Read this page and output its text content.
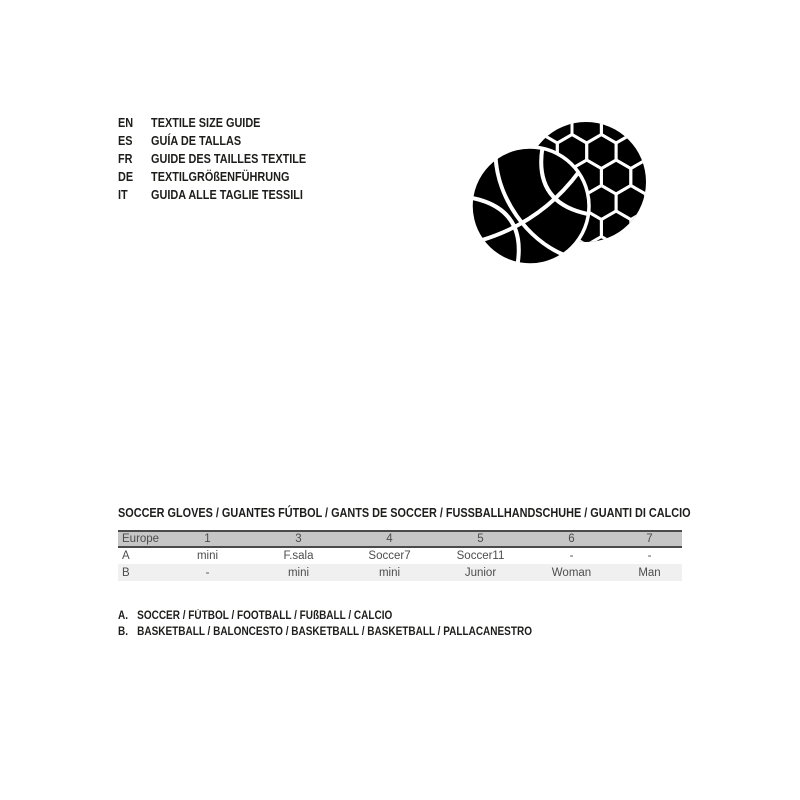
EN	TEXTILE SIZE GUIDE
ES	GUÍA DE TALLAS
FR	GUIDE DES TAILLES TEXTILE
DE	TEXTILGRÖßENFÜHRUNG
IT	GUIDA ALLE TAGLIE TESSILI
SOCCER GLOVES / GUANTES FÚTBOL / GANTS DE SOCCER / FUSSBALLHANDSCHUHE / GUANTI DI CALCIO
Europe	1	3	4	5	6	7
A	mini	F.sala	Soccer7	Soccer11	-	-
B	-	mini	mini	Junior	Woman	Man
A. SOCCER / FÚTBOL / FOOTBALL / FUßBALL / CALCIO
B. BASKETBALL / BALONCESTO / BASKETBALL / BASKETBALL / PALLACANESTRO
